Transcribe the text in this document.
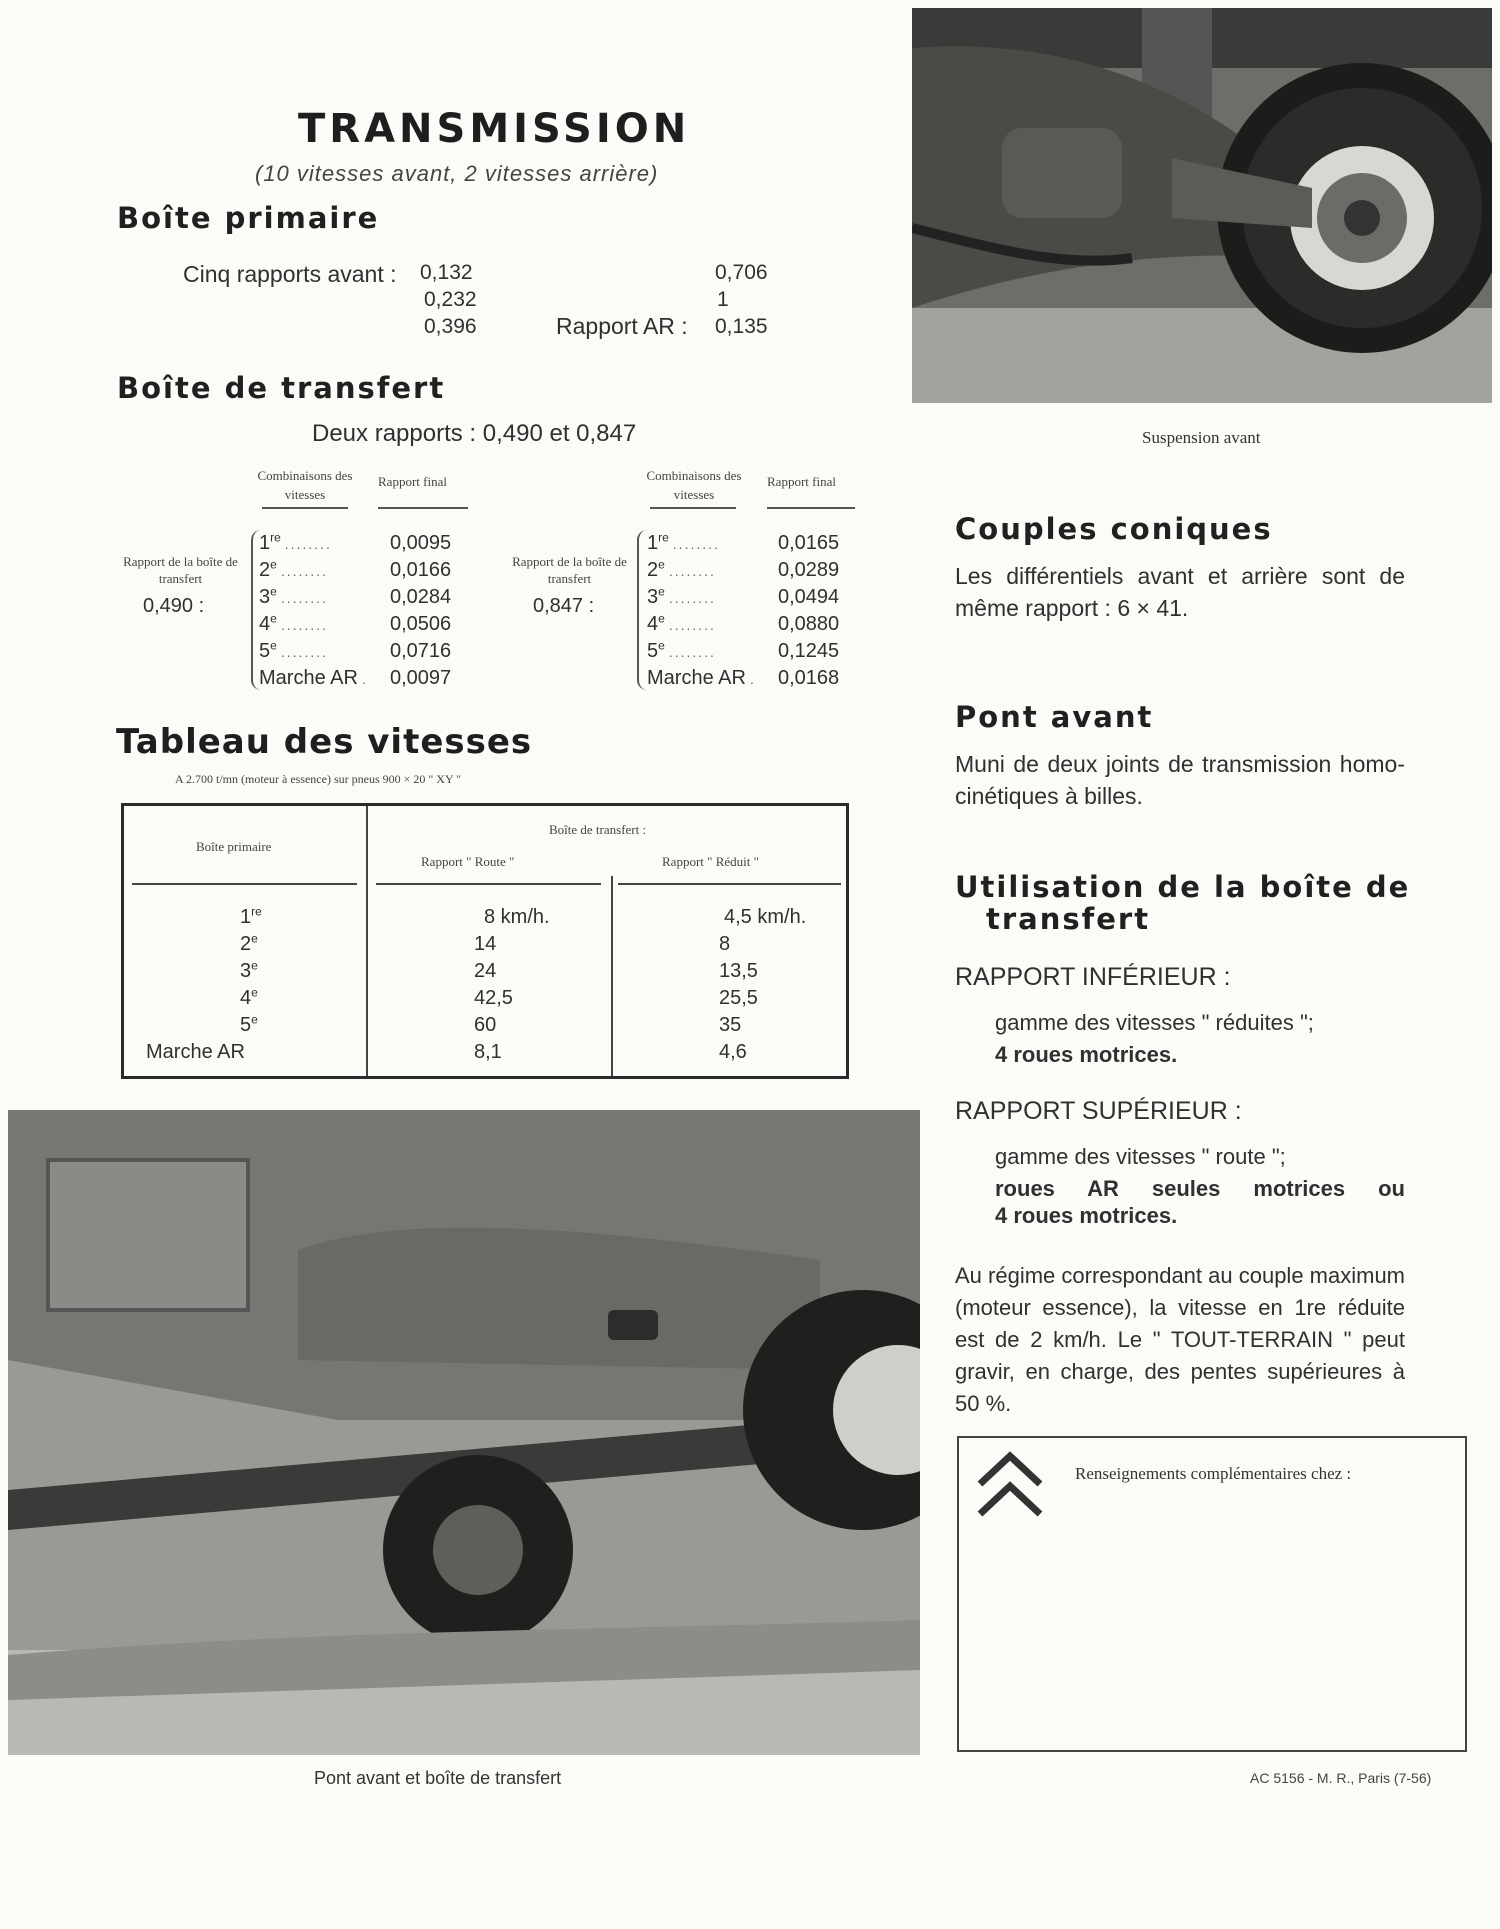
TRANSMISSION
(10 vitesses avant, 2 vitesses arrière)
Boîte primaire
Cinq rapports avant : 0,132
0,232
0,396
0,706
1
Rapport AR : 0,135
Boîte de transfert
Deux rapports : 0,490 et 0,847
Combinaisons des vitesses
Rapport final
Rapport de la boîte de transfert
0,490 :
1re ........	0,0095
2e ........	0,0166
3e ........	0,0284
4e ........	0,0506
5e ........	0,0716
Marche AR . 0,0097
Combinaisons des vitesses
Rapport final
Rapport de la boîte de transfert
0,847 :
1re ........	0,0165
2e ........	0,0289
3e ........	0,0494
4e ........	0,0880
5e ........	0,1245
Marche AR . 0,0168
Tableau des vitesses
A 2.700 t/mn (moteur à essence) sur pneus 900 × 20 " XY "
Boîte primaire
Boîte de transfert :
Rapport " Route "	Rapport " Réduit "
1re	8 km/h.	4,5 km/h.
2e	14	8
3e	24	13,5
4e	42,5	25,5
5e	60	35
Marche AR	8,1	4,6
Suspension avant
Couples coniques
Les différentiels avant et arrière sont de même rapport : 6 × 41.
Pont avant
Muni de deux joints de transmission homo-cinétiques à billes.
Utilisation de la boîte de
transfert
RAPPORT INFÉRIEUR :
gamme des vitesses " réduites ";
4 roues motrices.
RAPPORT SUPÉRIEUR :
gamme des vitesses " route ";
roues AR seules motrices ou
4 roues motrices.
Au régime correspondant au couple maximum (moteur essence), la vitesse en 1re réduite est de 2 km/h. Le " TOUT-TERRAIN " peut gravir, en charge, des pentes supérieures à 50 %.
Renseignements complémentaires chez :
Pont avant et boîte de transfert	AC 5156 - M. R., Paris (7-56)
